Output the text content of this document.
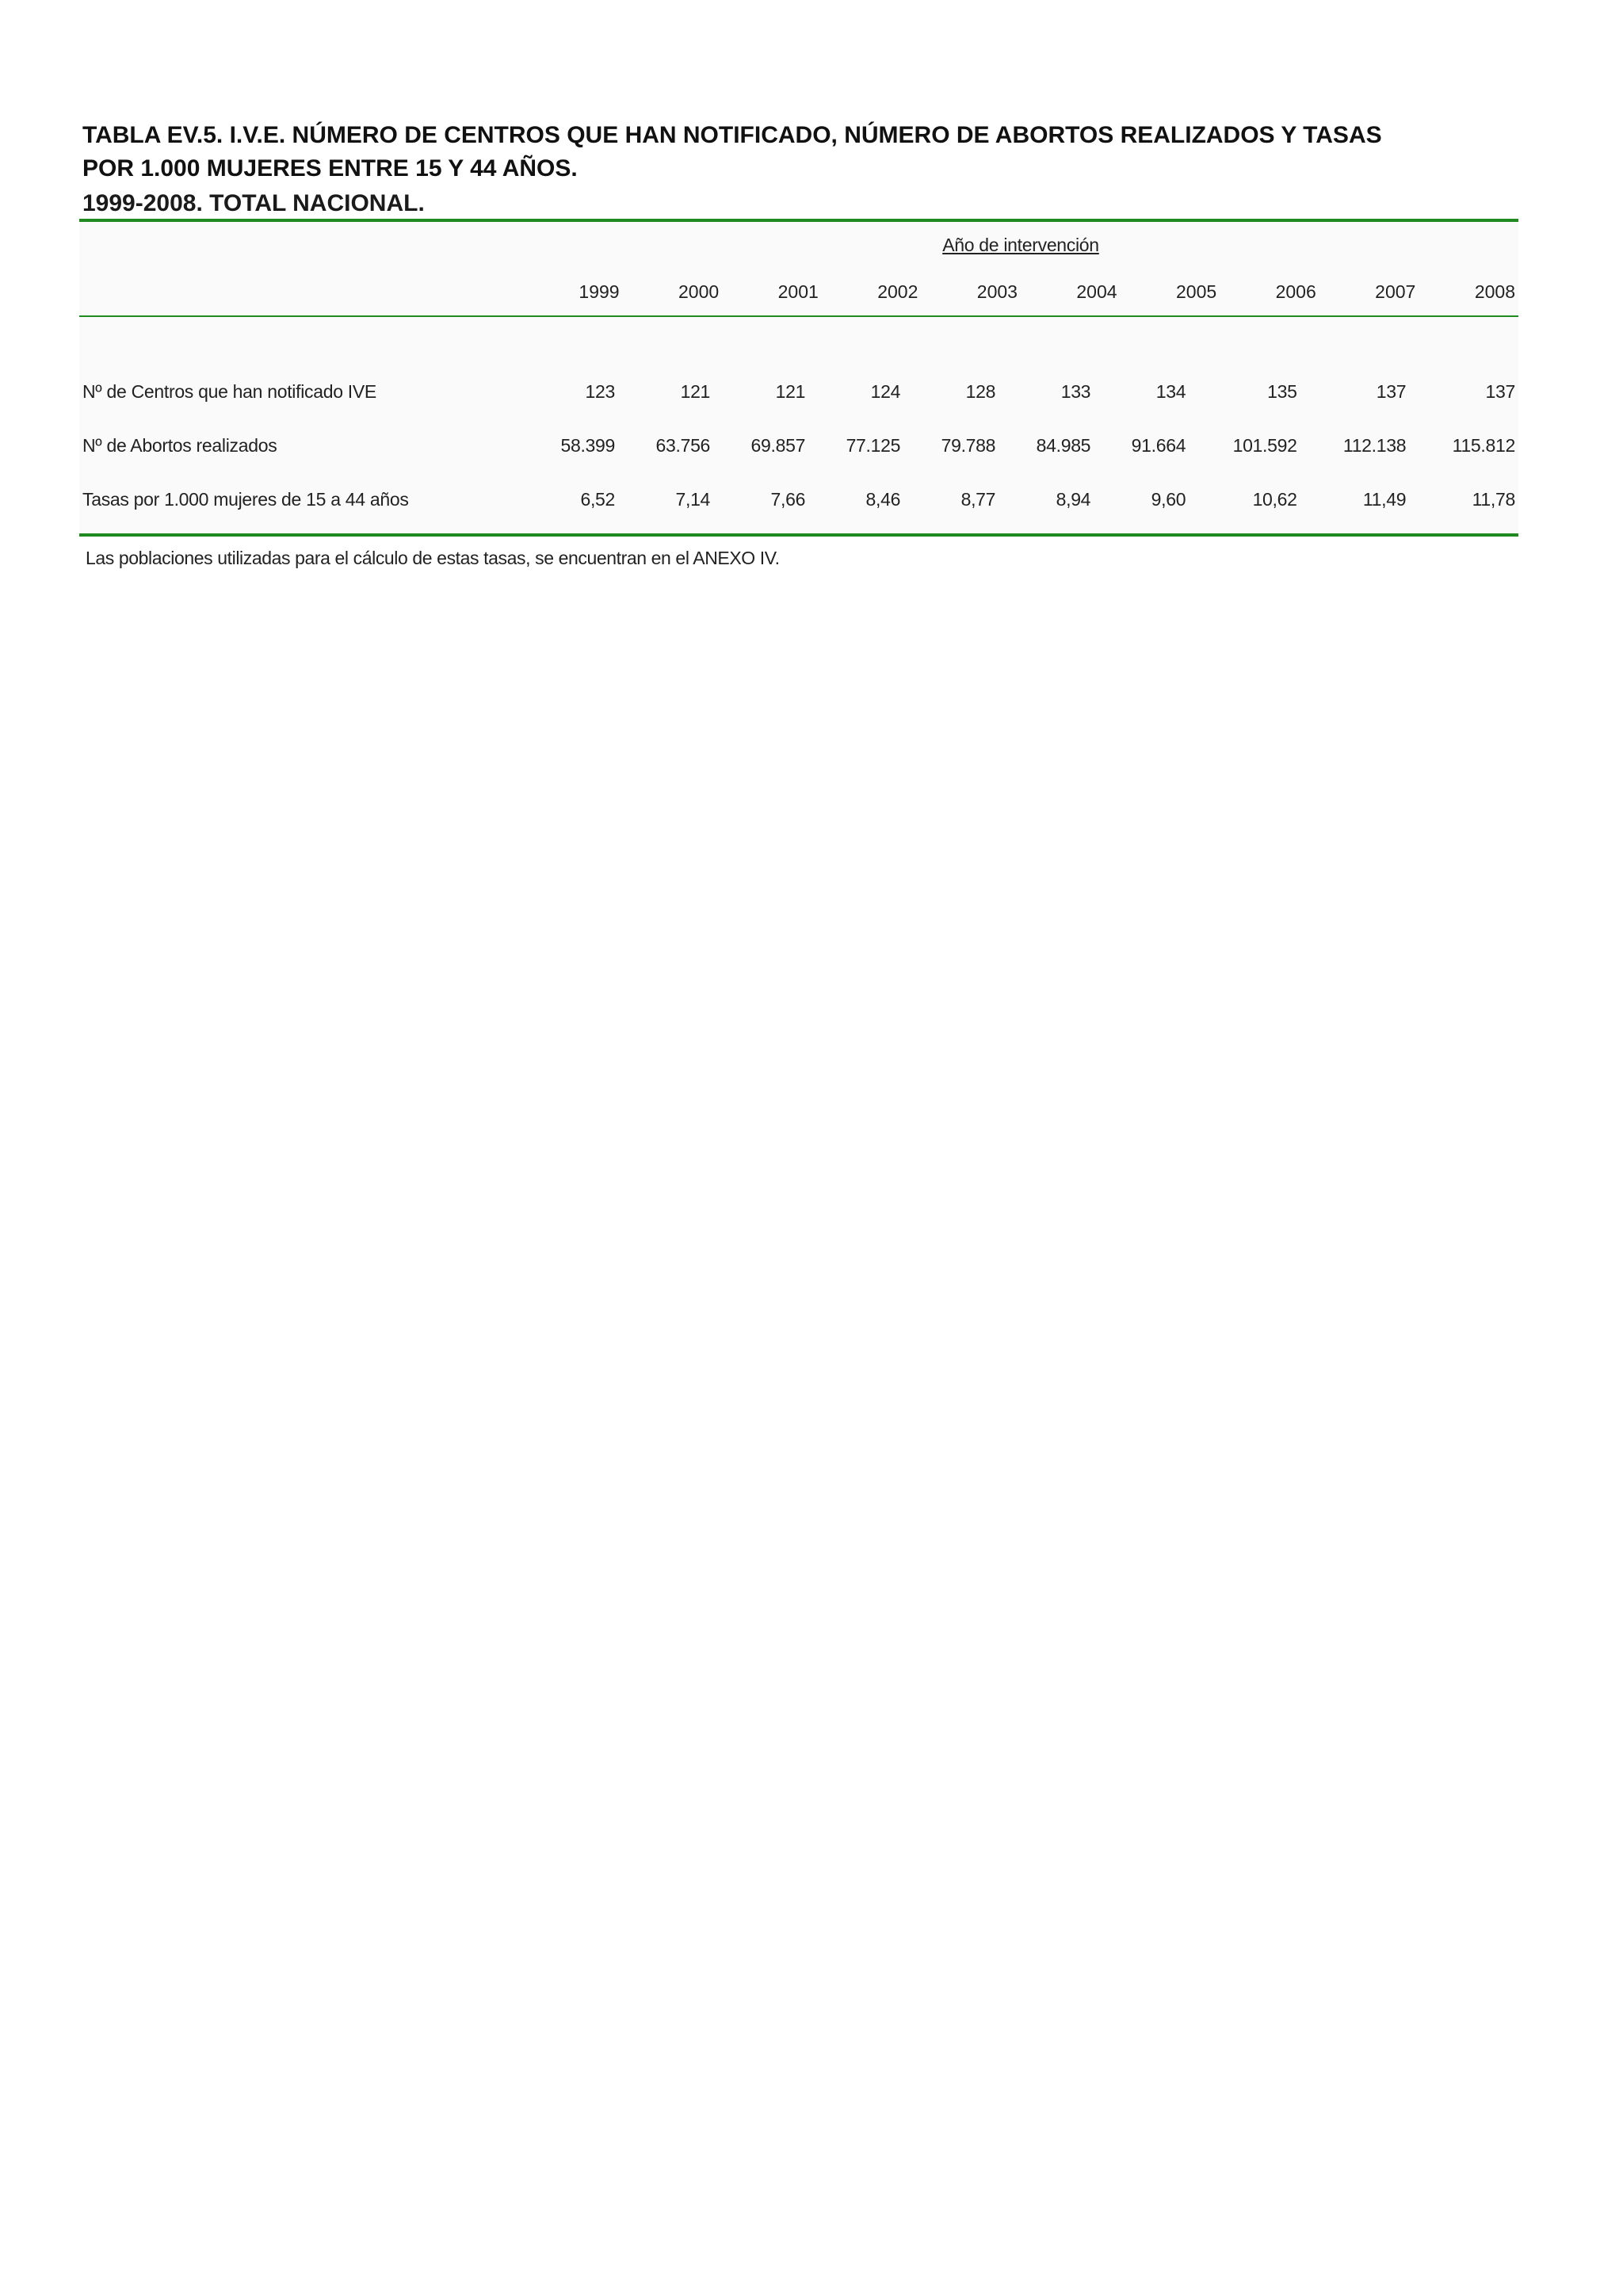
TABLA EV.5. I.V.E. NÚMERO DE CENTROS QUE HAN NOTIFICADO, NÚMERO DE ABORTOS REALIZADOS Y TASAS
POR 1.000 MUJERES ENTRE 15 Y 44 AÑOS.
1999-2008. TOTAL NACIONAL.
	Año de intervención									
	1999	2000	2001	2002	2003	2004	2005	2006	2007	2008

Nº de Centros que han notificado IVE	123	121	121	124	128	133	134	135	137	137
Nº de Abortos realizados	58.399	63.756	69.857	77.125	79.788	84.985	91.664	101.592	112.138	115.812
Tasas por 1.000 mujeres de 15 a 44 años	6,52	7,14	7,66	8,46	8,77	8,94	9,60	10,62	11,49	11,78
Las poblaciones utilizadas para el cálculo de estas tasas, se encuentran en el ANEXO IV.
